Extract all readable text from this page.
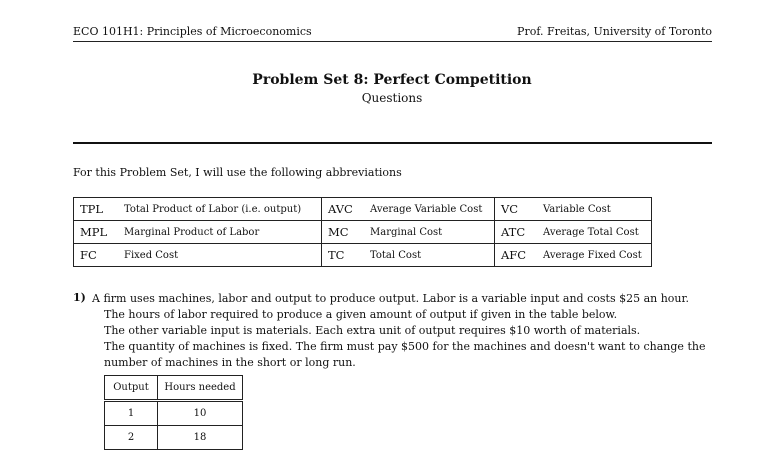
ECO 101H1: Principles of Microeconomics	Prof. Freitas, University of Toronto
Problem Set 8: Perfect Competition
Questions
For this Problem Set, I will use the following abbreviations
TPL	Total Product of Labor (i.e. output)	AVC	Average Variable Cost	VC	Variable Cost
MPL	Marginal Product of Labor	MC	Marginal Cost	ATC	Average Total Cost
FC	Fixed Cost	TC	Total Cost	AFC	Average Fixed Cost
1) A firm uses machines, labor and output to produce output. Labor is a variable input and costs $25 an hour.
The hours of labor required to produce a given amount of output if given in the table below.
The other variable input is materials. Each extra unit of output requires $10 worth of materials.
The quantity of machines is fixed. The firm must pay $500 for the machines and doesn't want to change the
number of machines in the short or long run.
Output	Hours needed
1	10
2	18
